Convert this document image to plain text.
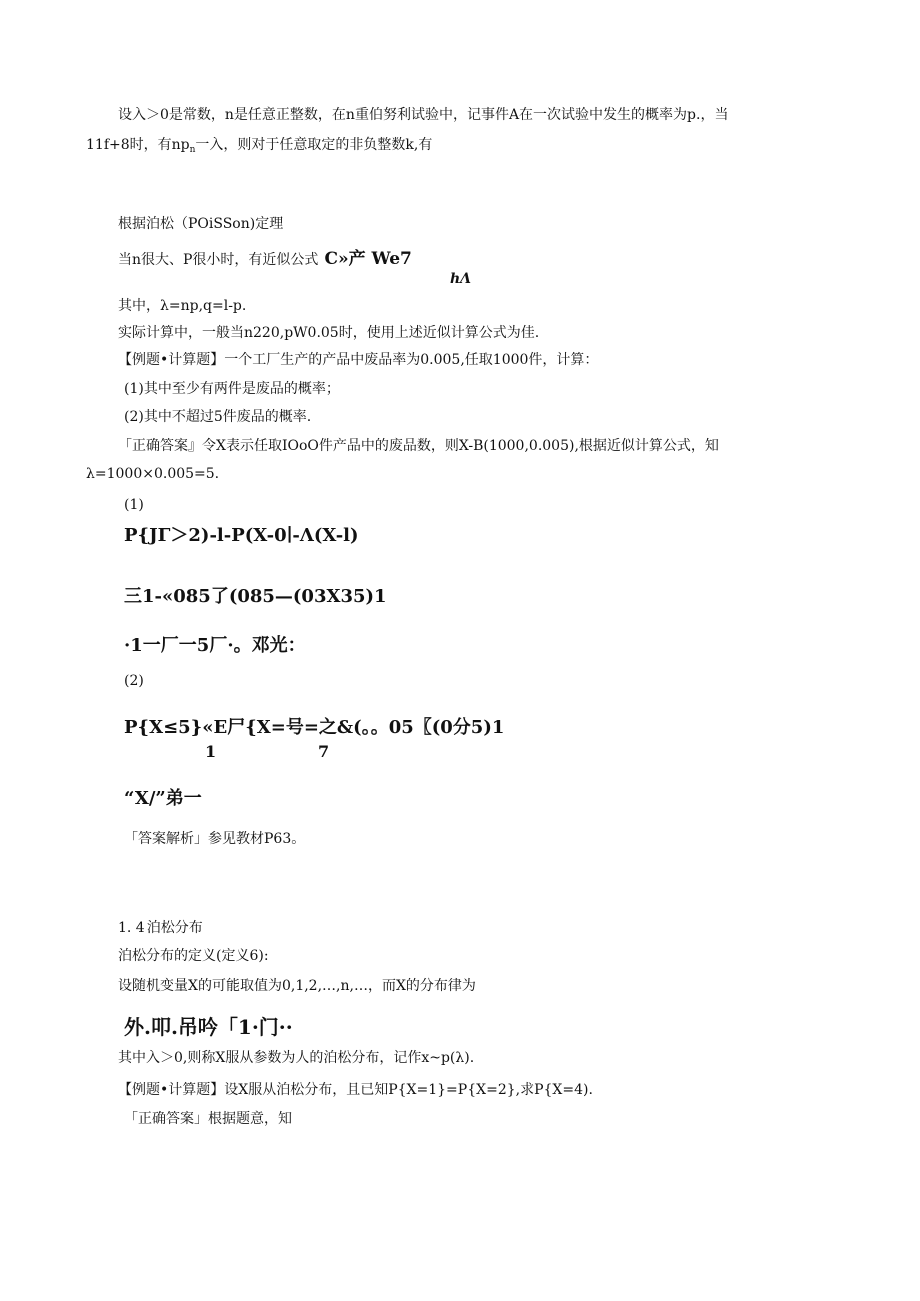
设入＞0是常数，n是任意正整数，在n重伯努利试验中，记事件A在一次试验中发生的概率为p.，当
11f+8时，有$np_n$一入，则对于任意取定的非负整数k,有
根据泊松（POiSSon)定理
当n很大、P很小时，有近似公式 C»产 We7
hΛ
其中，λ=np,q=l-p.
实际计算中，一般当n220,pW0.05时，使用上述近似计算公式为佳.
【例题•计算题】一个工厂生产的产品中废品率为0.005,任取1000件，计算：
(1)其中至少有两件是废品的概率；
(2)其中不超过5件废品的概率.
「正确答案』令X表示任取IOoO件产品中的废品数，则X-B(1000,0.005),根据近似计算公式，知
λ=1000×0.005=5.
(1)
P{JΓ＞2)-l-P(X-0∣-Λ(X-l)
三1-«085了(085—(03X35)1
·1一厂一5厂·。邓光：
(2)
P{X≤5}«E尸{X=号=之&(。。05〖(0分5)1
1	7
“X/”弟一
「答案解析」参见教材P63。
1. 4 泊松分布
泊松分布的定义(定义6):
设随机变量X的可能取值为0,1,2,…,n,…，而X的分布律为
外.叩.吊吟「1·门··
其中入＞0,则称X服从参数为人的泊松分布，记作x~p(λ).
【例题•计算题】设X服从泊松分布，且已知P{X=1}=P{X=2},求P{X=4).
「正确答案」根据题意，知
